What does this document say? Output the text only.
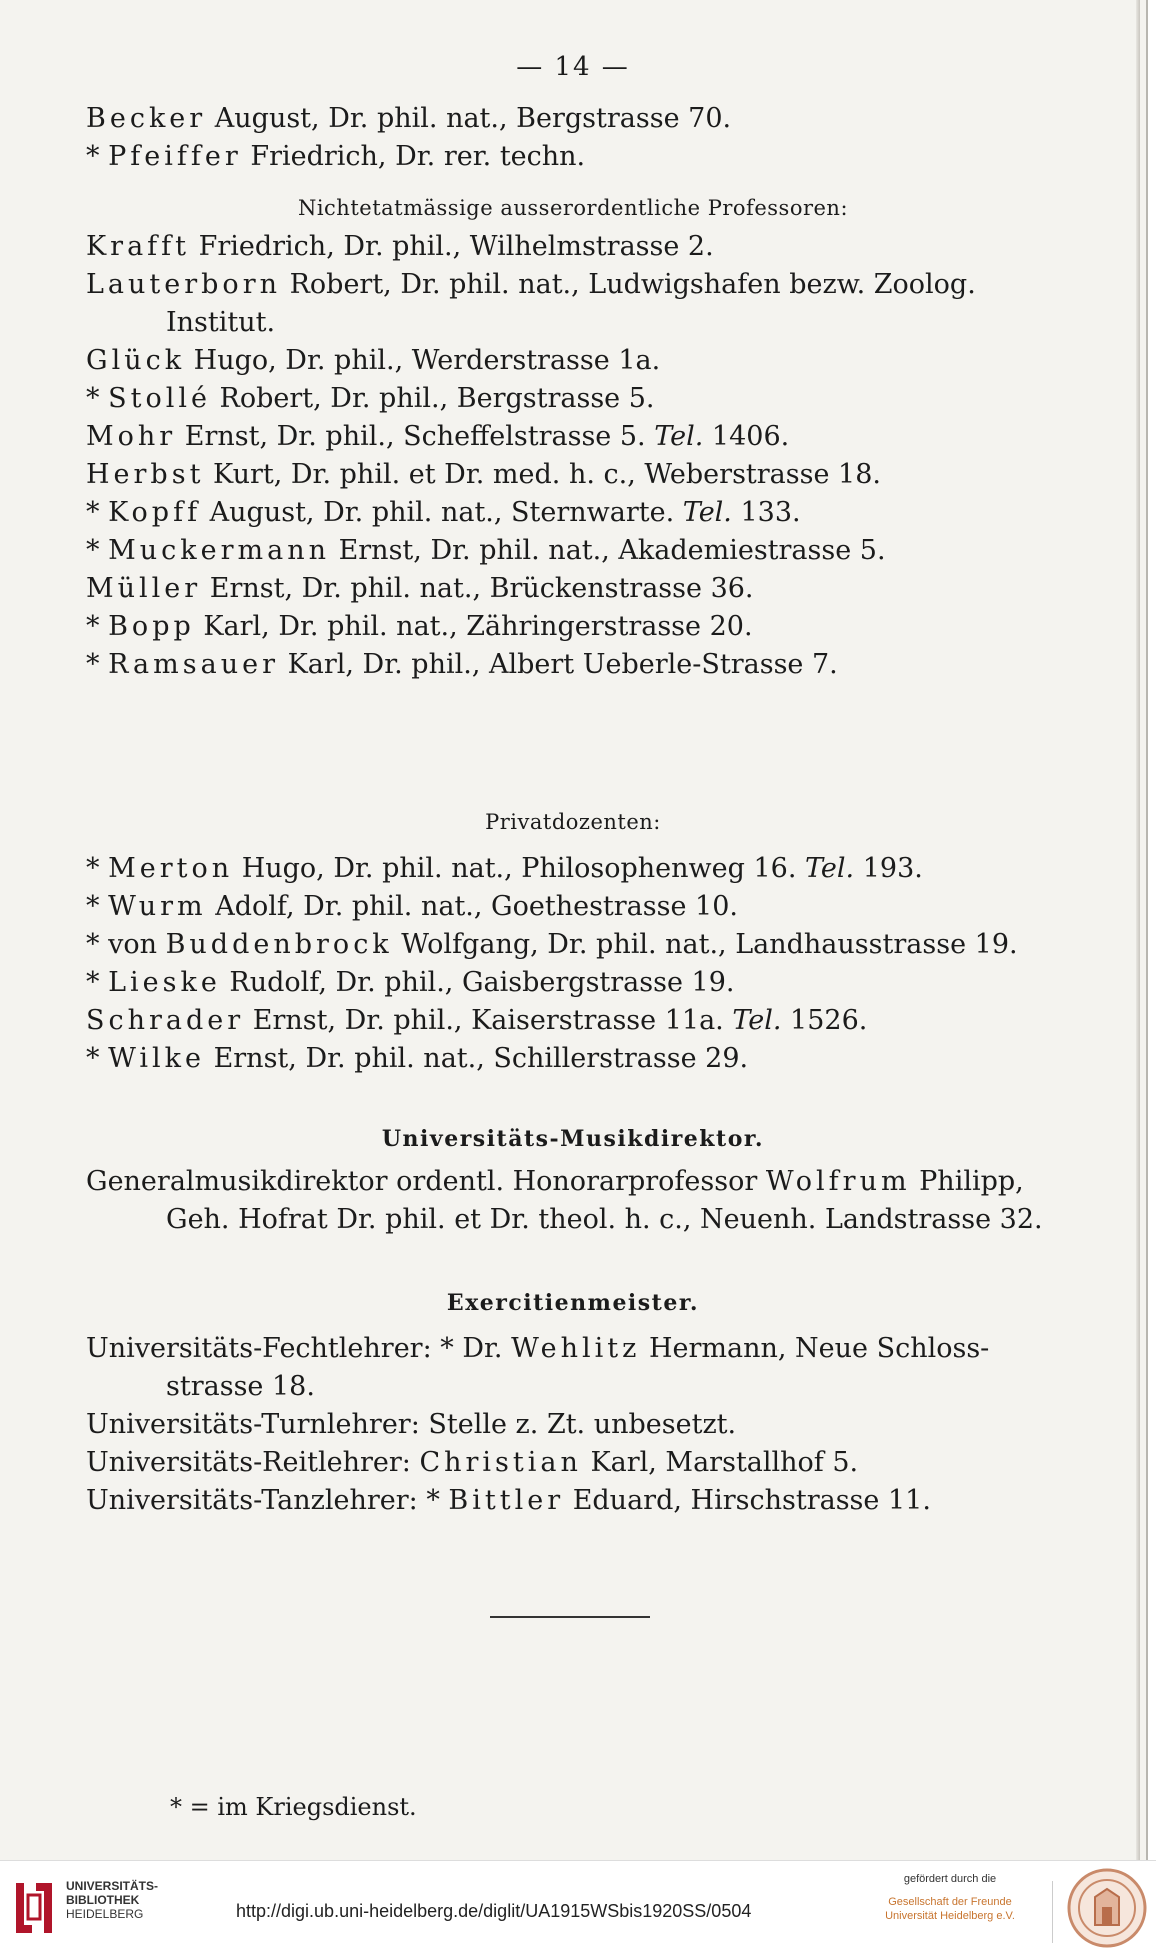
— 14 —
Becker August, Dr. phil. nat., Bergstrasse 70.
* Pfeiffer Friedrich, Dr. rer. techn.
Nichtetatmässige ausserordentliche Professoren:
Krafft Friedrich, Dr. phil., Wilhelmstrasse 2.
Lauterborn Robert, Dr. phil. nat., Ludwigshafen bezw. Zoolog.
Institut.
Glück Hugo, Dr. phil., Werderstrasse 1a.
* Stollé Robert, Dr. phil., Bergstrasse 5.
Mohr Ernst, Dr. phil., Scheffelstrasse 5. Tel. 1406.
Herbst Kurt, Dr. phil. et Dr. med. h. c., Weberstrasse 18.
* Kopff August, Dr. phil. nat., Sternwarte. Tel. 133.
* Muckermann Ernst, Dr. phil. nat., Akademiestrasse 5.
Müller Ernst, Dr. phil. nat., Brückenstrasse 36.
* Bopp Karl, Dr. phil. nat., Zähringerstrasse 20.
* Ramsauer Karl, Dr. phil., Albert Ueberle-Strasse 7.
Privatdozenten:
* Merton Hugo, Dr. phil. nat., Philosophenweg 16. Tel. 193.
* Wurm Adolf, Dr. phil. nat., Goethestrasse 10.
* von Buddenbrock Wolfgang, Dr. phil. nat., Landhausstrasse 19.
* Lieske Rudolf, Dr. phil., Gaisbergstrasse 19.
Schrader Ernst, Dr. phil., Kaiserstrasse 11a. Tel. 1526.
* Wilke Ernst, Dr. phil. nat., Schillerstrasse 29.
Universitäts-Musikdirektor.
Generalmusikdirektor ordentl. Honorarprofessor Wolfrum Philipp,
Geh. Hofrat Dr. phil. et Dr. theol. h. c., Neuenh. Landstrasse 32.
Exercitienmeister.
Universitäts-Fechtlehrer: * Dr. Wehlitz Hermann, Neue Schloss-
strasse 18.
Universitäts-Turnlehrer: Stelle z. Zt. unbesetzt.
Universitäts-Reitlehrer: Christian Karl, Marstallhof 5.
Universitäts-Tanzlehrer: * Bittler Eduard, Hirschstrasse 11.
* = im Kriegsdienst.
UNIVERSITÄTS-
BIBLIOTHEK
HEIDELBERG	http://digi.ub.uni-heidelberg.de/diglit/UA1915WSbis1920SS/0504
gefördert durch die
Gesellschaft der Freunde
Universität Heidelberg e.V.
